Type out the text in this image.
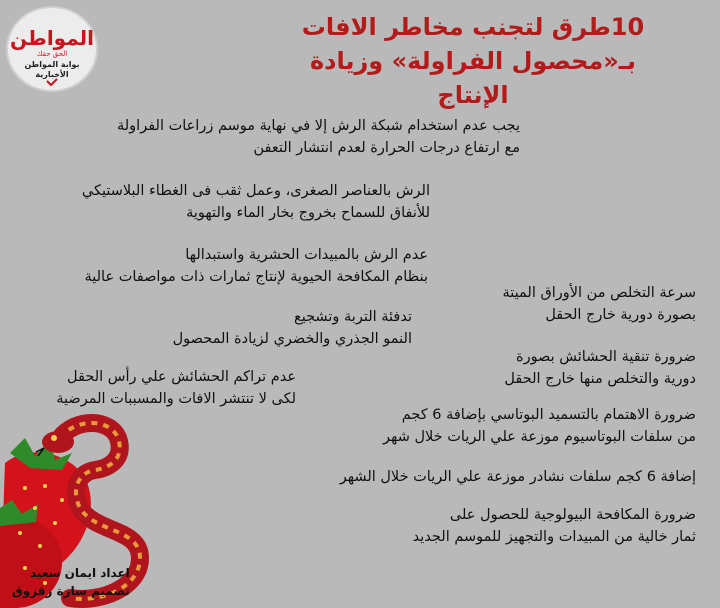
المواطن
الحق حقك
بوابة المواطن الأخبارية
10طرق لتجنب مخاطر الافات
بـ«محصول الفراولة» وزيادة
الإنتاج
يجب عدم استخدام شبكة الرش إلا في نهاية موسم زراعات الفراولة
مع ارتفاع درجات الحرارة لعدم انتشار التعفن
الرش بالعناصر الصغرى، وعمل ثقب فى الغطاء البلاستيكي
للأنفاق للسماح بخروج بخار الماء والتهوية
عدم الرش بالمبيدات الحشرية واستبدالها
بنظام المكافحة الحيوية لإنتاج ثمارات ذات مواصفات عالية
سرعة التخلص من الأوراق الميتة
بصورة دورية خارج الحقل
تدفئة التربة وتشجيع
النمو الجذري والخضري لزيادة المحصول
ضرورة تنقية الحشائش بصورة
دورية والتخلص منها خارج الحقل
عدم تراكم الحشائش علي رأس الحقل
لكى لا تنتشر الافات والمسببات المرضية
ضرورة الاهتمام بالتسميد البوتاسي بإضافة 6 كجم
من سلفات البوتاسيوم موزعة علي الريات خلال شهر
إضافة 6 كجم سلفات نشادر موزعة علي الريات خلال الشهر
ضرورة المكافحة البيولوجية للحصول على
ثمار خالية من المبيدات والتجهيز للموسم الجديد
اعداد ايمان سعيد
تصميم سارة زقزوق
